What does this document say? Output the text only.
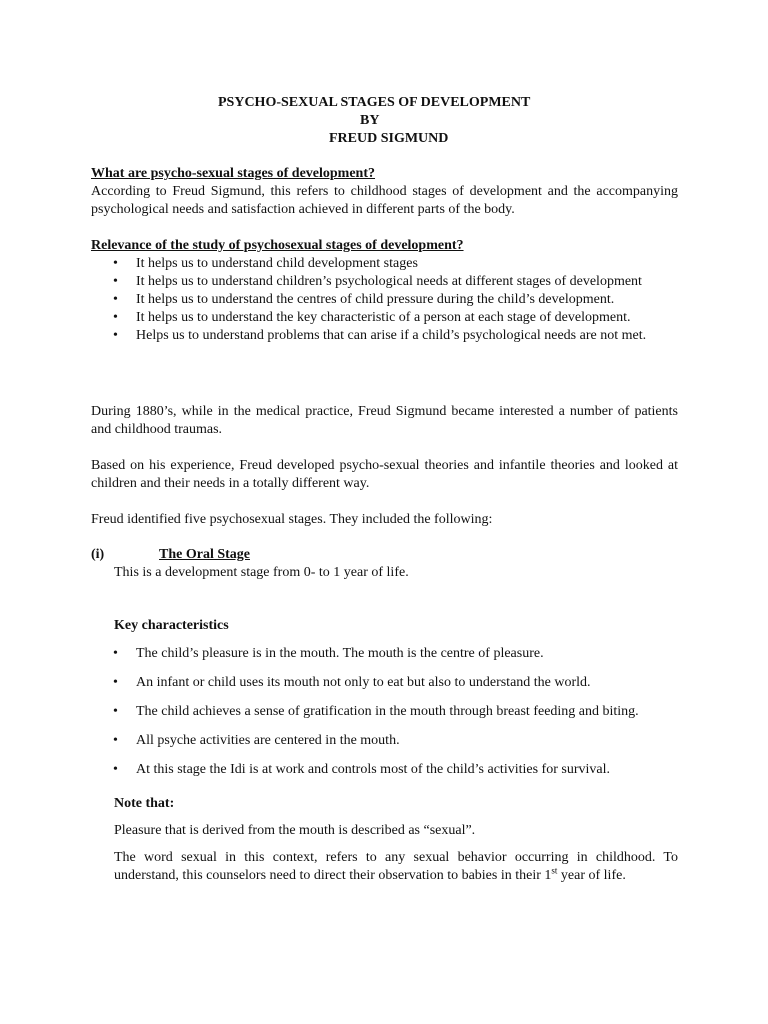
PSYCHO-SEXUAL STAGES OF DEVELOPMENT
BY
FREUD SIGMUND
What are psycho-sexual stages of development?
According to Freud Sigmund, this refers to childhood stages of development and the accompanying psychological needs and satisfaction achieved in different parts of the body.
Relevance of the study of psychosexual stages of development?
• It helps us to understand child development stages
• It helps us to understand children’s psychological needs at different stages of development
• It helps us to understand the centres of child pressure during the child’s development.
• It helps us to understand the key characteristic of a person at each stage of development.
• Helps us to understand problems that can arise if a child’s psychological needs are not met.
During 1880’s, while in the medical practice, Freud Sigmund became interested a number of patients and childhood traumas.
Based on his experience, Freud developed psycho-sexual theories and infantile theories and looked at children and their needs in a totally different way.
Freud identified five psychosexual stages. They included the following:
(i)	The Oral Stage
This is a development stage from 0- to 1 year of life.
Key characteristics
• The child’s pleasure is in the mouth. The mouth is the centre of pleasure.
• An infant or child uses its mouth not only to eat but also to understand the world.
• The child achieves a sense of gratification in the mouth through breast feeding and biting.
• All psyche activities are centered in the mouth.
• At this stage the Idi is at work and controls most of the child’s activities for survival.
Note that:
Pleasure that is derived from the mouth is described as “sexual”.
The word sexual in this context, refers to any sexual behavior occurring in childhood. To understand, this counselors need to direct their observation to babies in their 1st year of life.
